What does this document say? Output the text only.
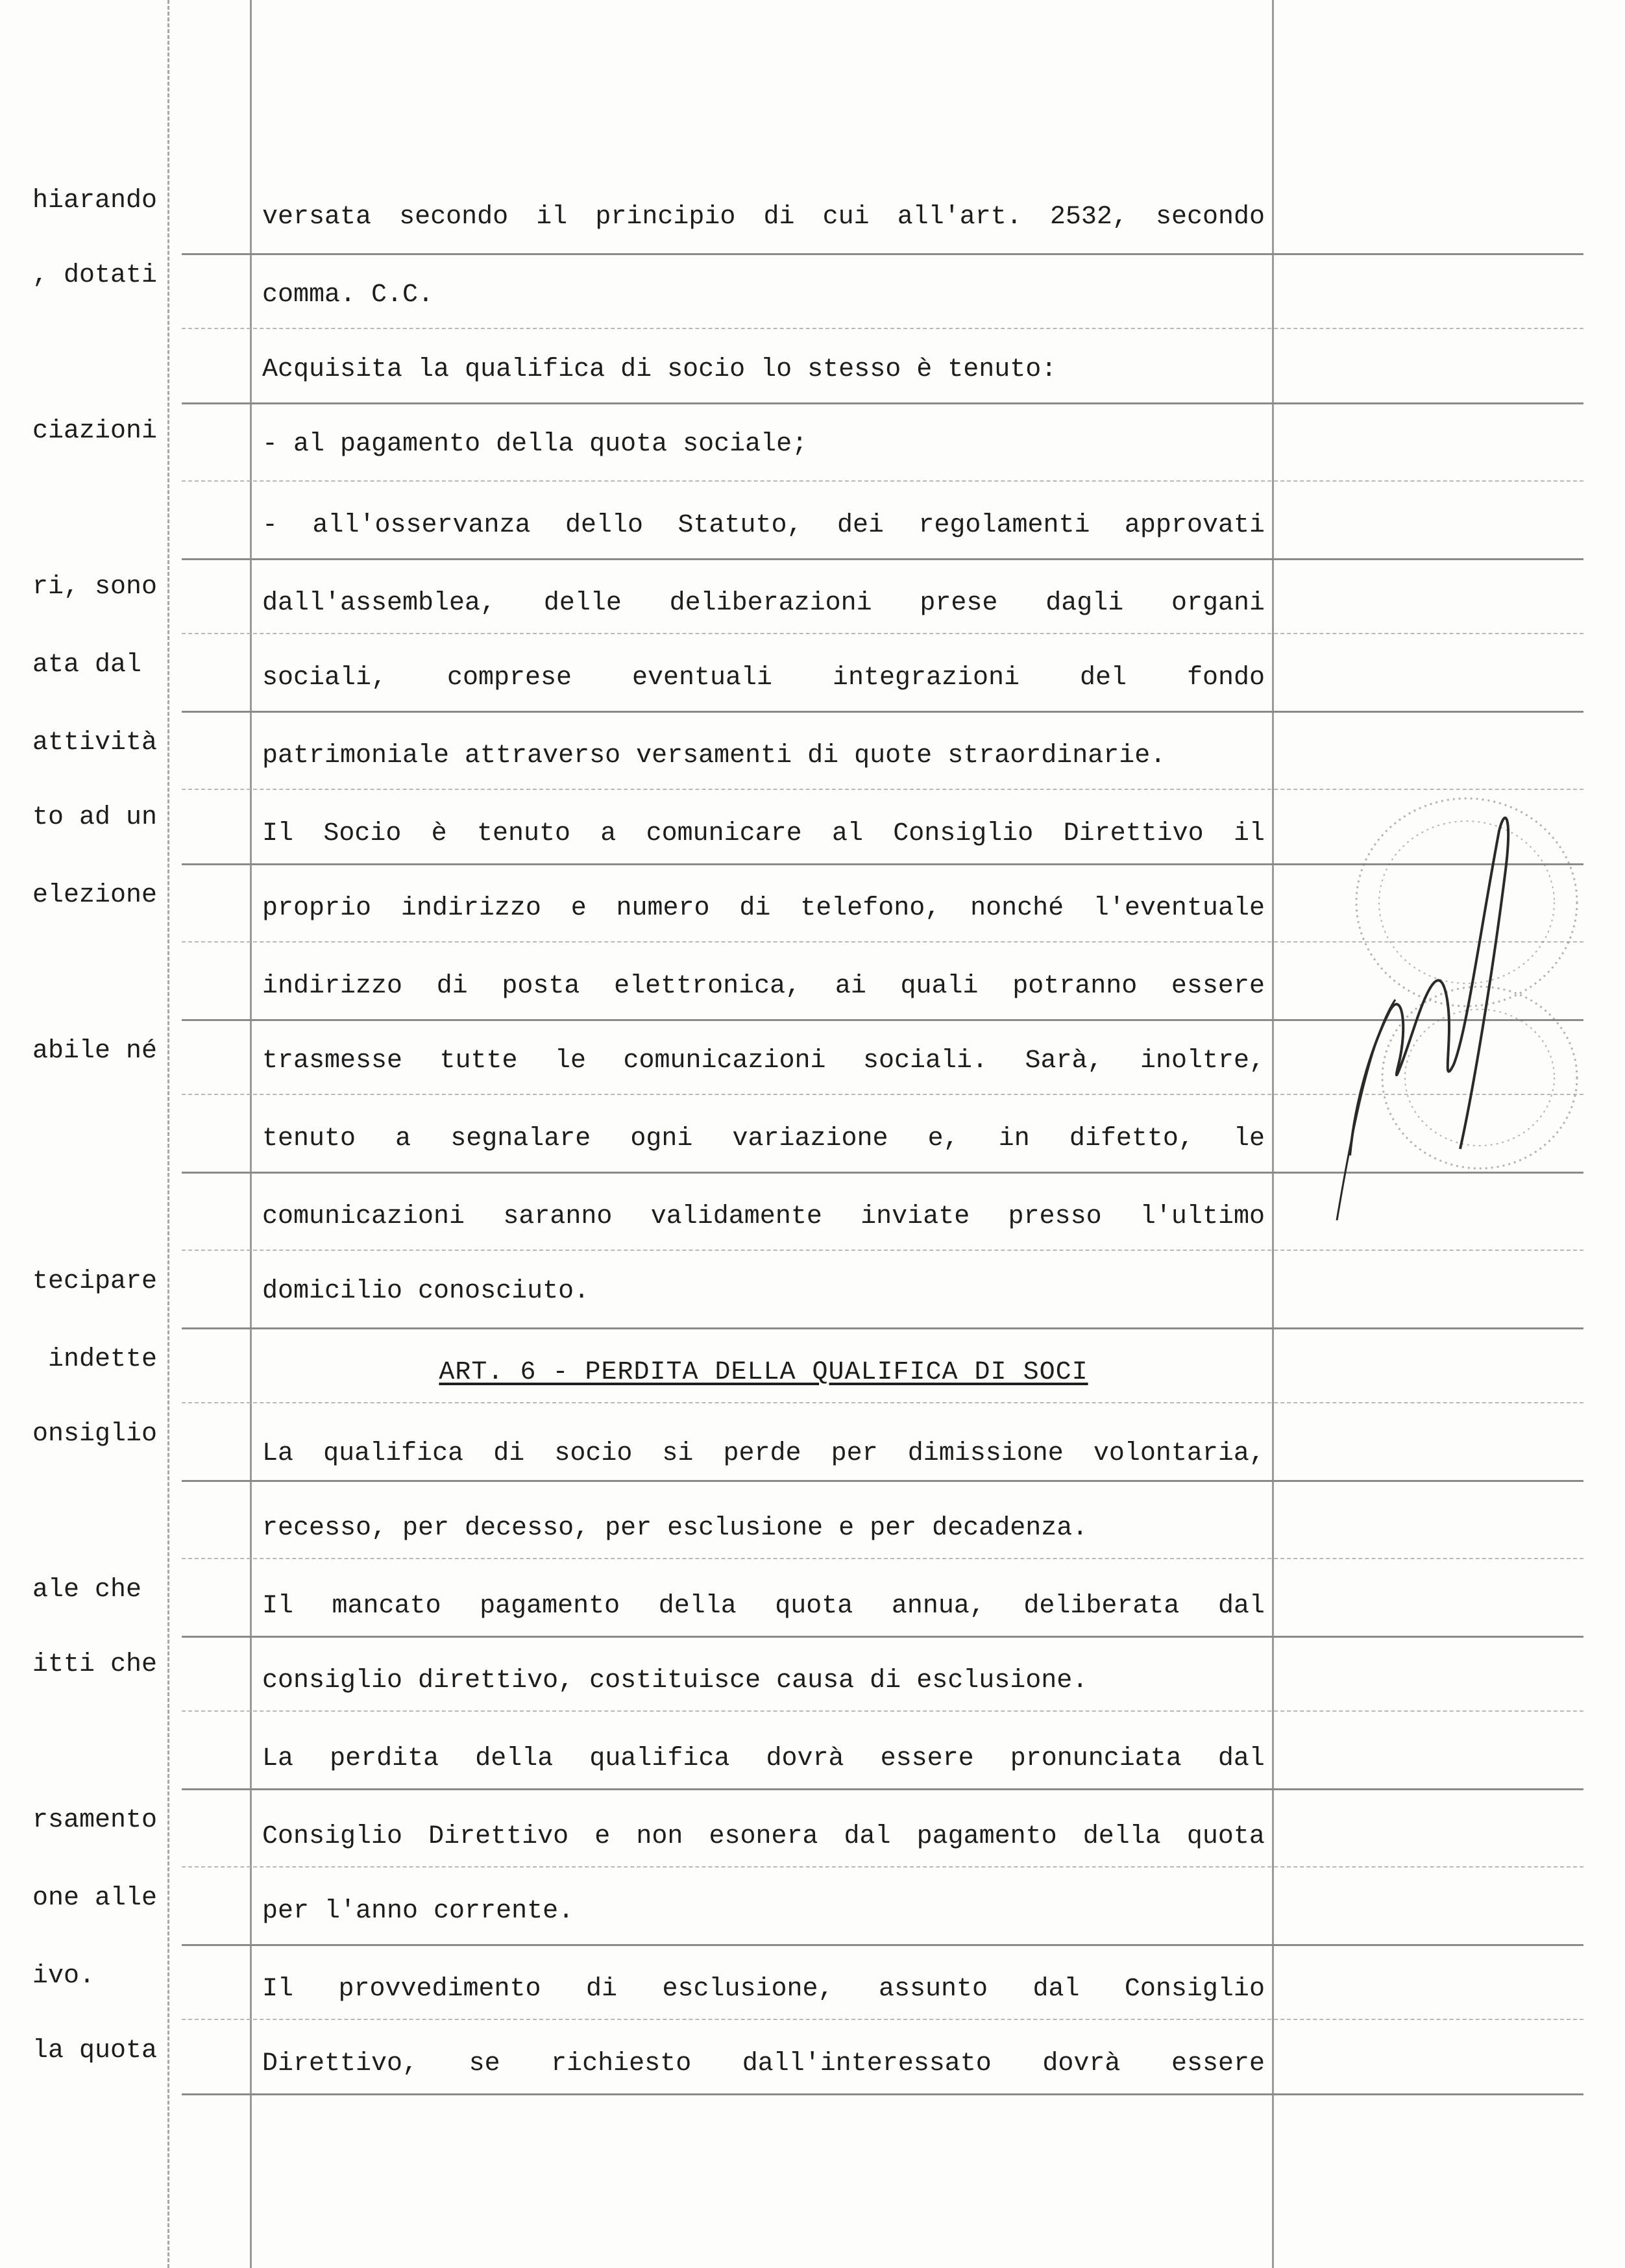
hiarando
, dotati
ciazioni
ri, sono
ata dal
attività
to ad un
elezione
abile né
tecipare
indette
onsiglio
ale che
itti che
rsamento
one alle
ivo.
la quota
versata secondo il principio di cui all'art. 2532, secondo
comma. C.C.
Acquisita la qualifica di socio lo stesso è tenuto:
- al pagamento della quota sociale;
- all'osservanza dello Statuto, dei regolamenti approvati
dall'assemblea, delle deliberazioni prese dagli organi
sociali, comprese eventuali integrazioni del fondo
patrimoniale attraverso versamenti di quote straordinarie.
Il Socio è tenuto a comunicare al Consiglio Direttivo il
proprio indirizzo e numero di telefono, nonché l'eventuale
indirizzo di posta elettronica, ai quali potranno essere
trasmesse tutte le comunicazioni sociali. Sarà, inoltre,
tenuto a segnalare ogni variazione e, in difetto, le
comunicazioni saranno validamente inviate presso l'ultimo
domicilio conosciuto.
La qualifica di socio si perde per dimissione volontaria,
recesso, per decesso, per esclusione e per decadenza.
Il mancato pagamento della quota annua, deliberata dal
consiglio direttivo, costituisce causa di esclusione.
La perdita della qualifica dovrà essere pronunciata dal
Consiglio Direttivo e non esonera dal pagamento della quota
per l'anno corrente.
Il provvedimento di esclusione, assunto dal Consiglio
Direttivo, se richiesto dall'interessato dovrà essere
ART. 6 - PERDITA DELLA QUALIFICA DI SOCI
